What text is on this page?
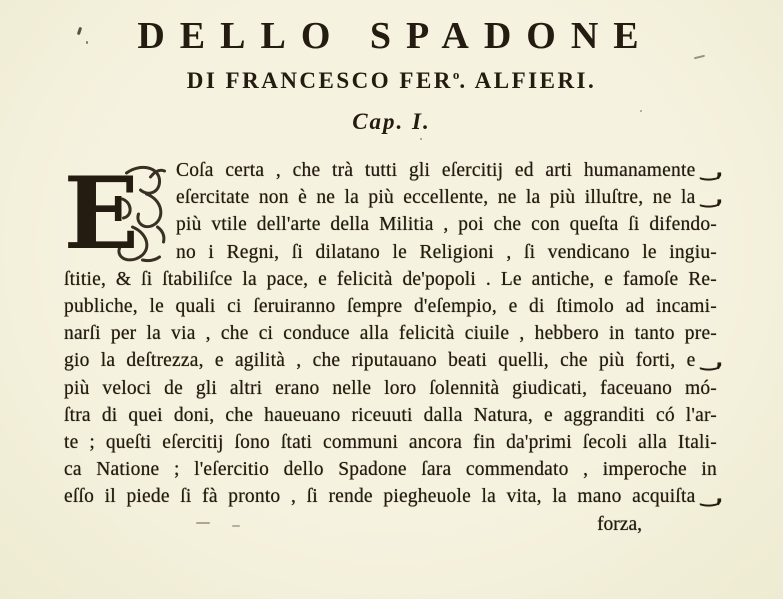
DELLO SPADONE
DI FRANCESCO FER$^o$. ALFIERI.
Cap. I.
E	Coſa certa , che trà tutti gli eſercitij ed arti humanamente ‿,
eſercitate non è ne la più eccellente, ne la più illuſtre, ne la ‿,
più vtile dell'arte della Militia , poi che con queſta ſi difendo-
no i Regni, ſi dilatano le Religioni , ſi vendicano le ingiu-
ſtitie, & ſi ſtabiliſce la pace, e felicità de'popoli . Le antiche, e famoſe Re-
publiche, le quali ci ſeruiranno ſempre d'eſempio, e di ſtimolo ad incami-
narſi per la via , che ci conduce alla felicità ciuile , hebbero in tanto pre-
gio la deſtrezza, e agilità , che riputauano beati quelli, che più forti, e ‿,
più veloci de gli altri erano nelle loro ſolennità giudicati, faceuano mó-
ſtra di quei doni, che haueuano riceuuti dalla Natura, e aggranditi có l'ar-
te ; queſti eſercitij ſono ſtati communi ancora fin da'primi ſecoli alla Itali-
ca Natione ; l'eſercitio dello Spadone ſara commendato , imperoche in
eſſo il piede ſi fà pronto , ſi rende piegheuole la vita, la mano acquiſta ‿,
forza,
